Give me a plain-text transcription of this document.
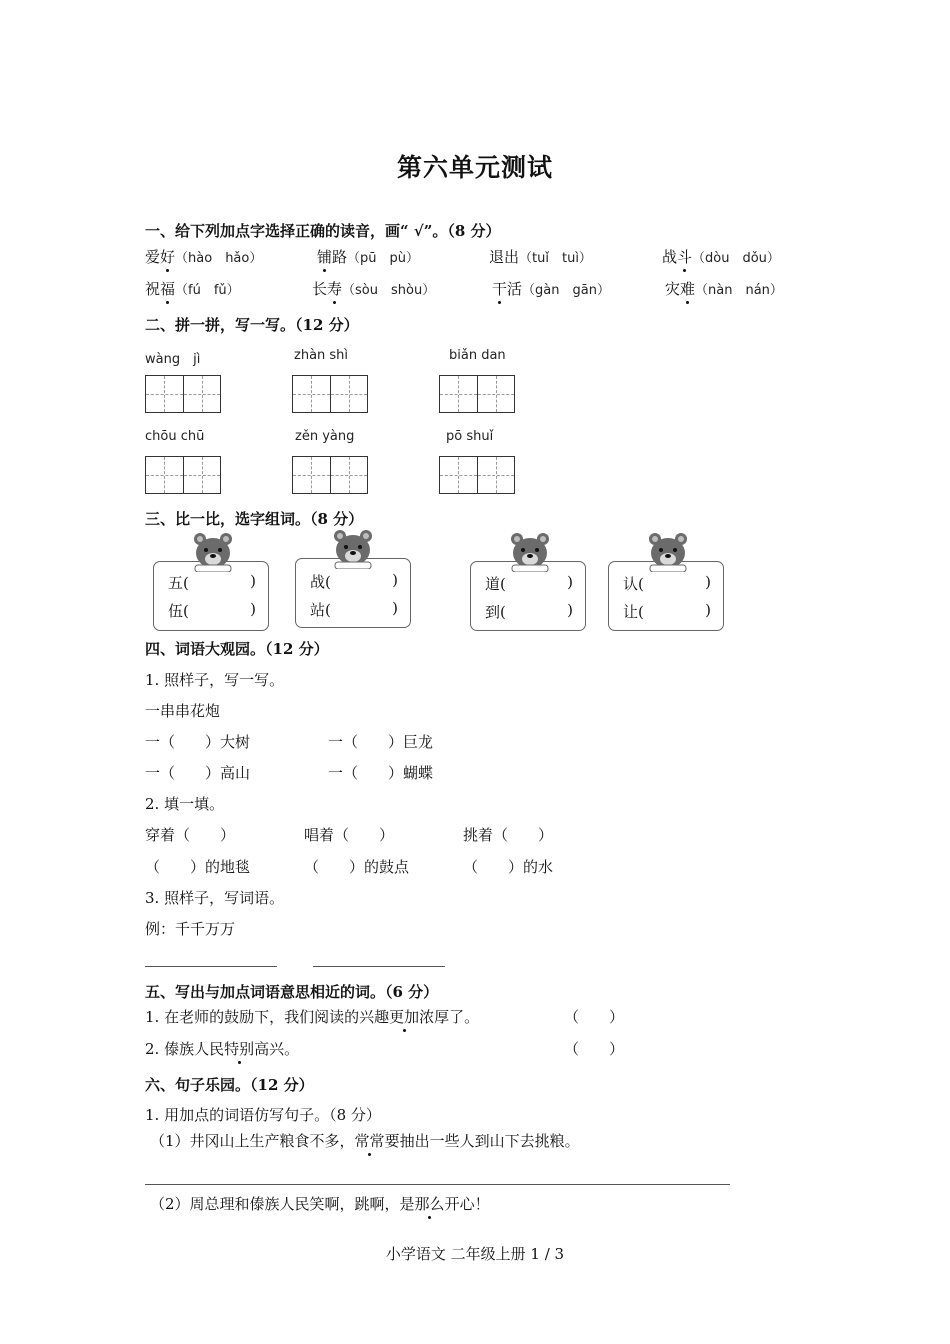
第六单元测试
一、给下列加点字选择正确的读音，画“ √”。（8 分）
爱好（hào　hǎo）	铺路（pū　pù）	退出（tuǐ　tuì）	战斗（dòu　dǒu）
祝福（fú　fǔ）	长寿（sòu　shòu）	干活（gàn　gān）	灾难（nàn　nán）
二、拼一拼，写一写。（12 分）
wàng　jì	zhàn shì	biǎn dan
chōu chū	zěn yàng	pō shuǐ
三、比一比，选字组词。（8 分）
五(	)
伍(	)
战(	)
站(	)
道(	)
到(	)
认(	)
让(	)
四、词语大观园。（12 分）
1. 照样子，写一写。
一串串花炮
一（　　）大树	一（　　）巨龙
一（　　）高山	一（　　）蝴蝶
2. 填一填。
穿着（　　）	唱着（　　）	挑着（　　）
（　　）的地毯	（　　）的鼓点	（　　）的水
3. 照样子，写词语。
例：千千万万
五、写出与加点词语意思相近的词。（6 分）
1. 在老师的鼓励下，我们阅读的兴趣更加浓厚了。	（　　）
2. 傣族人民特别高兴。	（　　）
六、句子乐园。（12 分）
1. 用加点的词语仿写句子。（8 分）
（1）井冈山上生产粮食不多，常常要抽出一些人到山下去挑粮。
（2）周总理和傣族人民笑啊，跳啊，是那么开心！
小学语文 二年级上册 1 / 3
